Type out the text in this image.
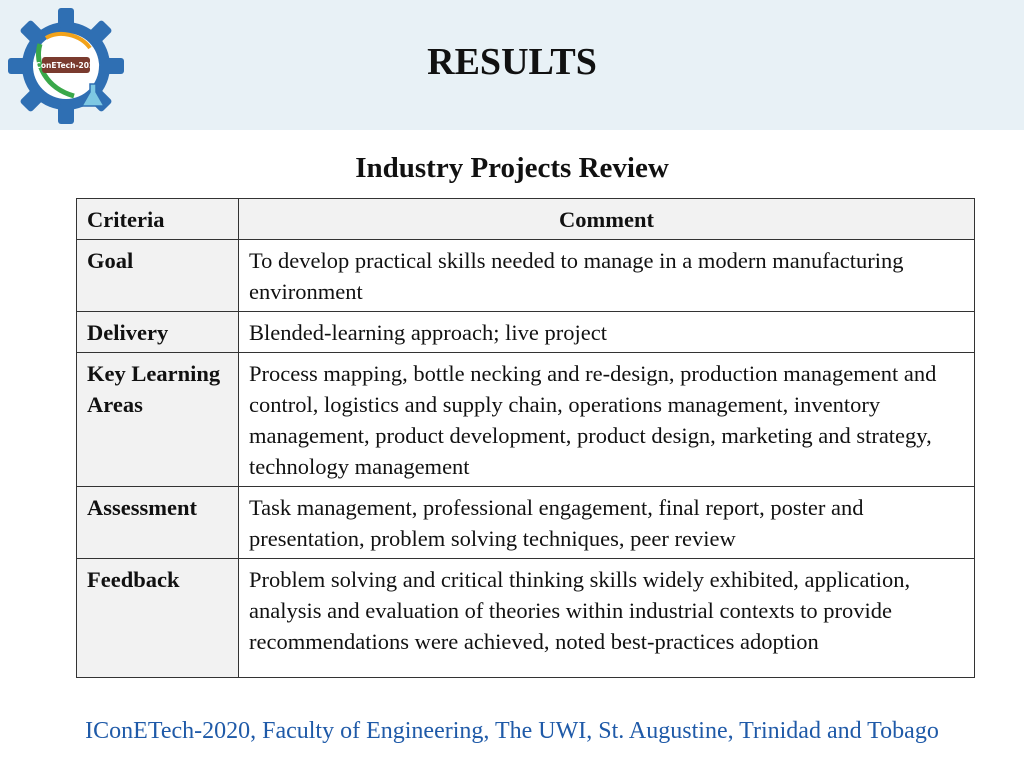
IConETech-2020	RESULTS
Industry Projects Review
Criteria	Comment
Goal	To develop practical skills needed to manage in a modern manufacturing environment
Delivery	Blended-learning approach; live project
Key Learning Areas	Process mapping, bottle necking and re-design, production management and control, logistics and supply chain, operations management, inventory management, product development, product design, marketing and strategy, technology management
Assessment	Task management, professional engagement, final report, poster and presentation, problem solving techniques, peer review
Feedback	Problem solving and critical thinking skills widely exhibited, application, analysis and evaluation of theories within industrial contexts to provide recommendations were achieved, noted best-practices adoption
IConETech-2020, Faculty of Engineering, The UWI, St. Augustine, Trinidad and Tobago
